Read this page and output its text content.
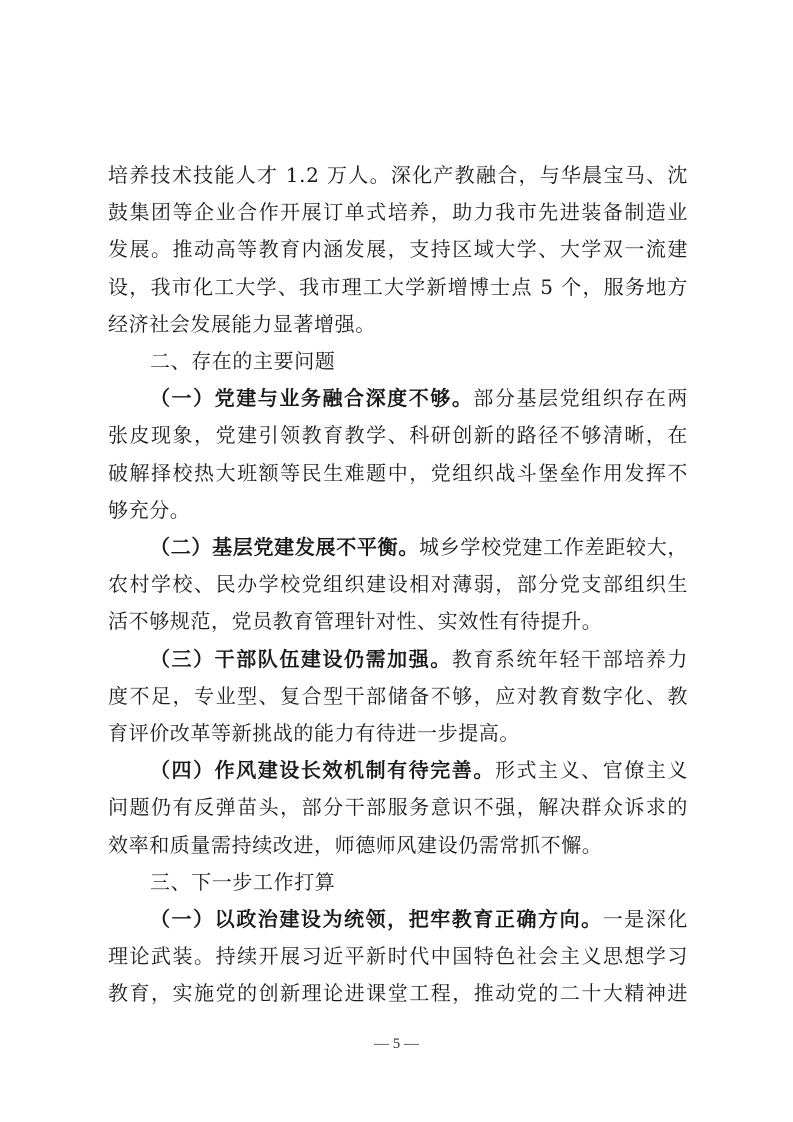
培养技术技能人才 1.2 万人。深化产教融合，与华晨宝马、沈
鼓集团等企业合作开展订单式培养，助力我市先进装备制造业
发展。推动高等教育内涵发展，支持区域大学、大学双一流建
设，我市化工大学、我市理工大学新增博士点 5 个，服务地方
经济社会发展能力显著增强。
二、存在的主要问题
（一）党建与业务融合深度不够。部分基层党组织存在两
张皮现象，党建引领教育教学、科研创新的路径不够清晰，在
破解择校热大班额等民生难题中，党组织战斗堡垒作用发挥不
够充分。
（二）基层党建发展不平衡。城乡学校党建工作差距较大，
农村学校、民办学校党组织建设相对薄弱，部分党支部组织生
活不够规范，党员教育管理针对性、实效性有待提升。
（三）干部队伍建设仍需加强。教育系统年轻干部培养力
度不足，专业型、复合型干部储备不够，应对教育数字化、教
育评价改革等新挑战的能力有待进一步提高。
（四）作风建设长效机制有待完善。形式主义、官僚主义
问题仍有反弹苗头，部分干部服务意识不强，解决群众诉求的
效率和质量需持续改进，师德师风建设仍需常抓不懈。
三、下一步工作打算
（一）以政治建设为统领，把牢教育正确方向。一是深化
理论武装。持续开展习近平新时代中国特色社会主义思想学习
教育，实施党的创新理论进课堂工程，推动党的二十大精神进
— 5 —
